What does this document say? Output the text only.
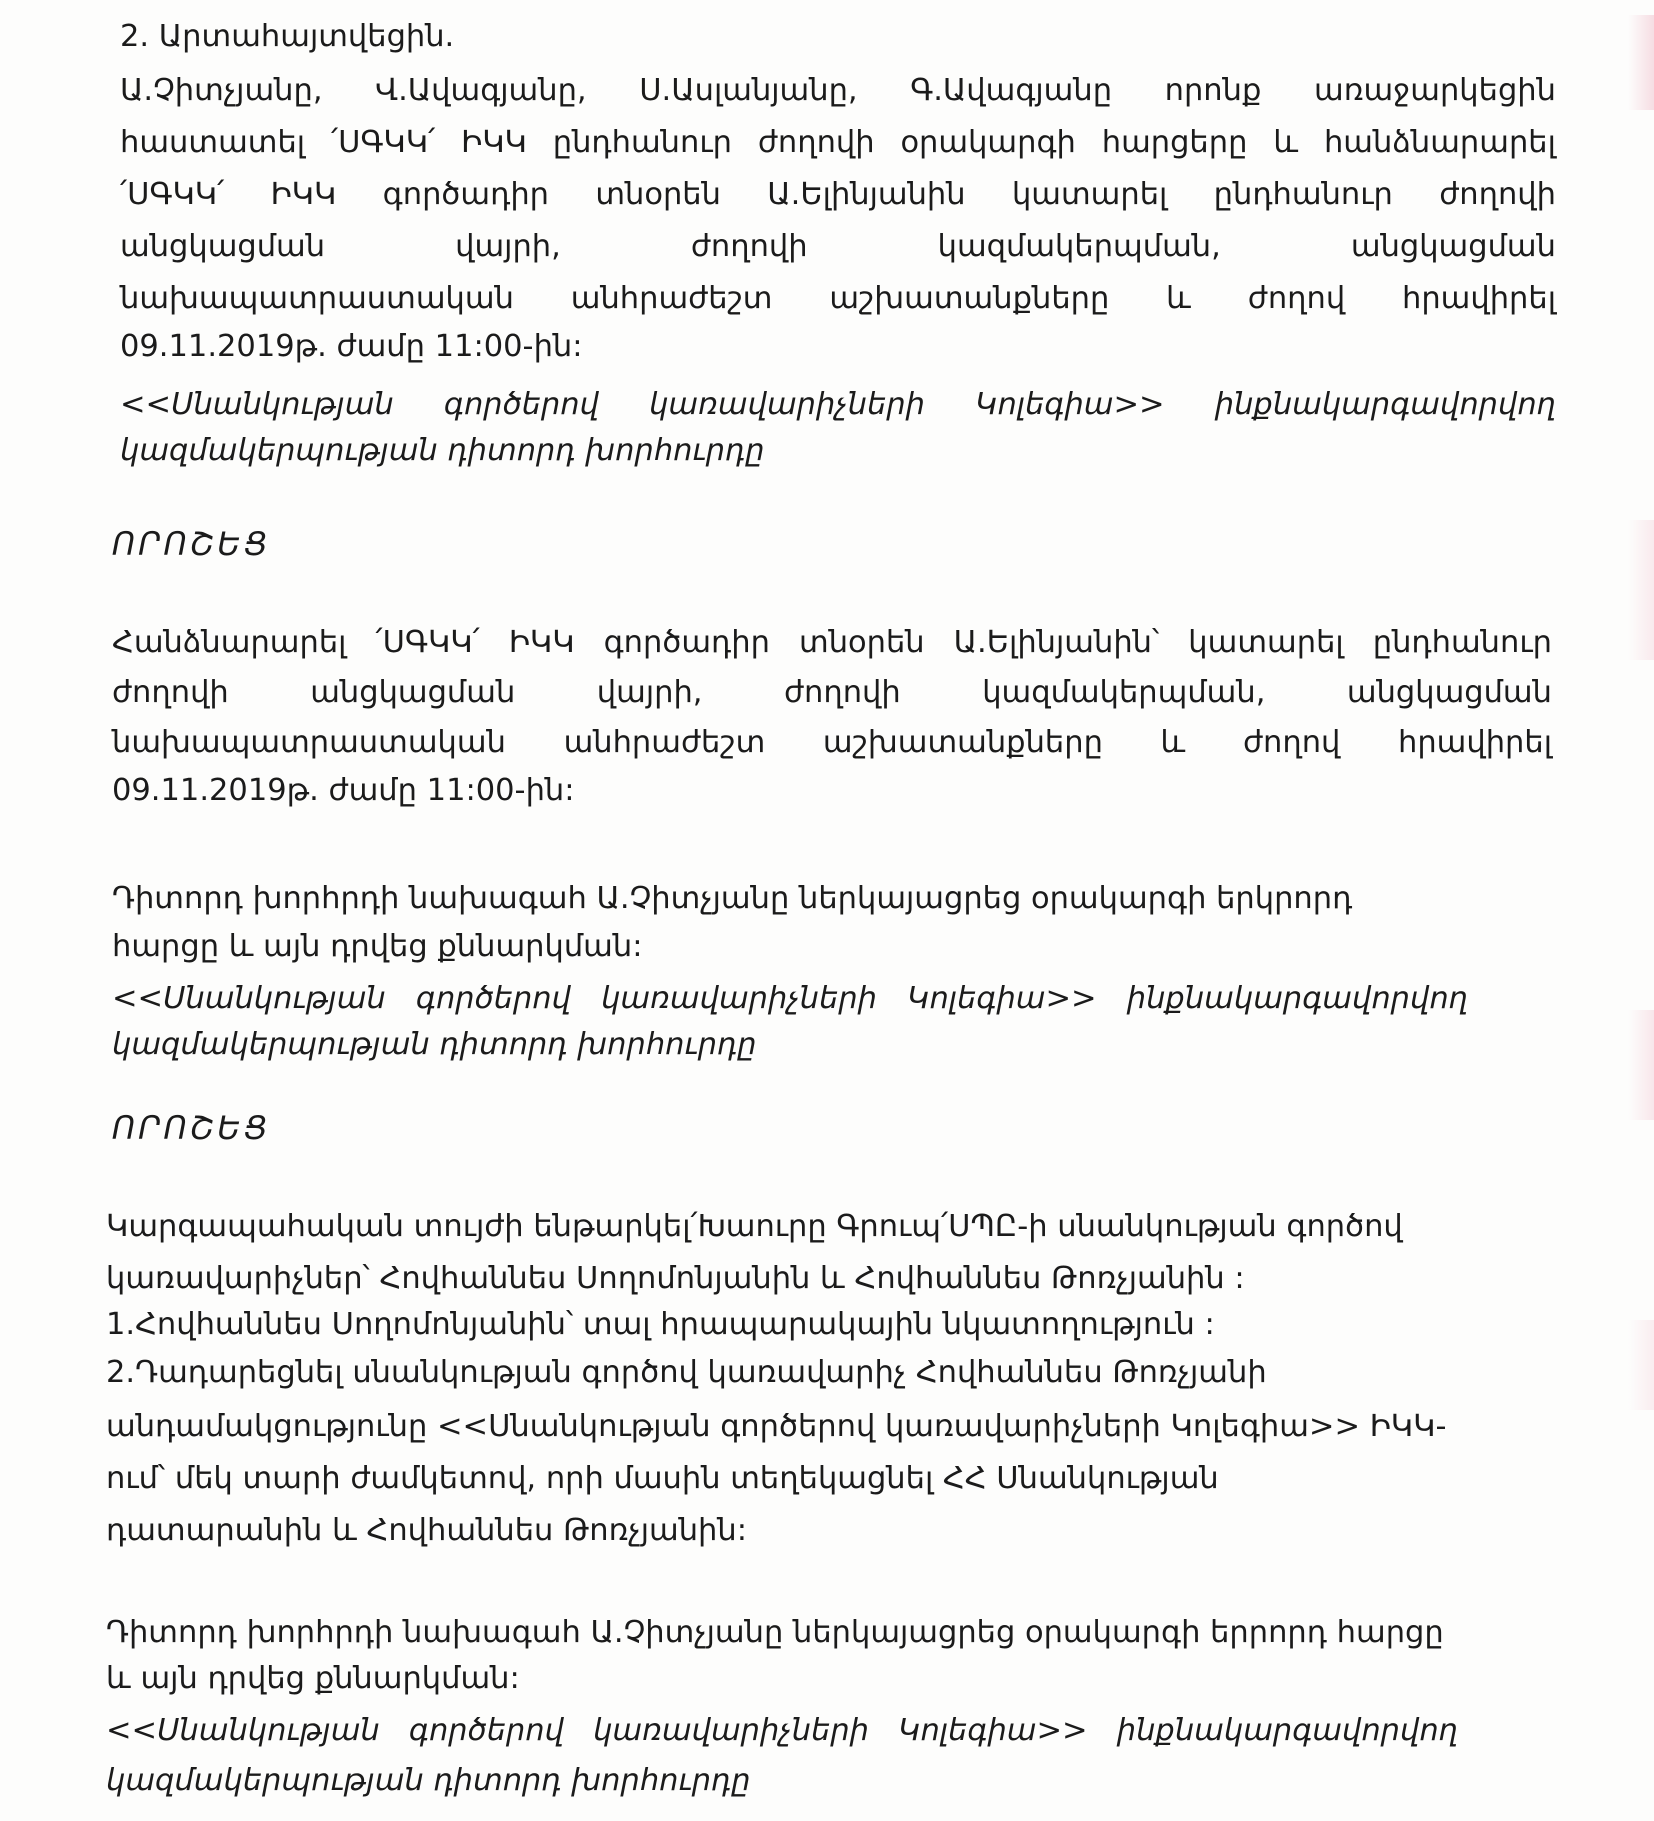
2. Արտահայտվեցին.

Ա.Չիտչյանը, Վ.Ավագյանը, Ս.Ասլանյանը, Գ.Ավագյանը որոնք առաջարկեցին

հաստատել ՛ՍԳԿԿ՛ ԻԿԿ ընդհանուր ժողովի օրակարգի հարցերը և հանձնարարել

՛ՍԳԿԿ՛ ԻԿԿ գործադիր տնօրեն Ա.Ելինյանին կատարել ընդհանուր ժողովի

անցկացման	վայրի,	ժողովի	կազմակերպման,	անցկացման

նախապատրաստական անհրաժեշտ աշխատանքները և ժողով հրավիրել

09.11.2019թ. ժամը 11:00-ին:

<<Սնանկության գործերով կառավարիչների Կոլեգիա>> ինքնակարգավորվող

կազմակերպության դիտորդ խորհուրդը

ՈՐՈՇԵՑ

Հանձնարարել ՛ՍԳԿԿ՛ ԻԿԿ գործադիր տնօրեն Ա.Ելինյանին՝ կատարել ընդհանուր

ժողովի	անցկացման	վայրի,	ժողովի	կազմակերպման,	անցկացման

նախապատրաստական անհրաժեշտ աշխատանքները և ժողով հրավիրել

09.11.2019թ. ժամը 11:00-ին:

Դիտորդ խորհրդի նախագահ Ա.Չիտչյանը ներկայացրեց օրակարգի երկրորդ

հարցը և այն դրվեց քննարկման:

<<Սնանկության գործերով կառավարիչների Կոլեգիա>> ինքնակարգավորվող

կազմակերպության դիտորդ խորհուրդը

ՈՐՈՇԵՑ

Կարգապահական տույժի ենթարկել՛Խաուրը Գրուպ՛ՍՊԸ-ի սնանկության գործով

կառավարիչներ՝ Հովհաննես Սողոմոնյանին և Հովհաննես Թոռչյանին :

1.Հովհաննես Սողոմոնյանին՝ տալ հրապարակային նկատողություն :

2.Դադարեցնել սնանկության գործով կառավարիչ Հովհաննես Թոռչյանի

անդամակցությունը <<Սնանկության գործերով կառավարիչների Կոլեգիա>> ԻԿԿ-

ում՝ մեկ տարի ժամկետով, որի մասին տեղեկացնել ՀՀ Սնանկության

դատարանին և Հովհաննես Թոռչյանին:

Դիտորդ խորհրդի նախագահ Ա.Չիտչյանը ներկայացրեց օրակարգի երրորդ հարցը

և այն դրվեց քննարկման:

<<Սնանկության գործերով կառավարիչների Կոլեգիա>> ինքնակարգավորվող

կազմակերպության դիտորդ խորհուրդը
